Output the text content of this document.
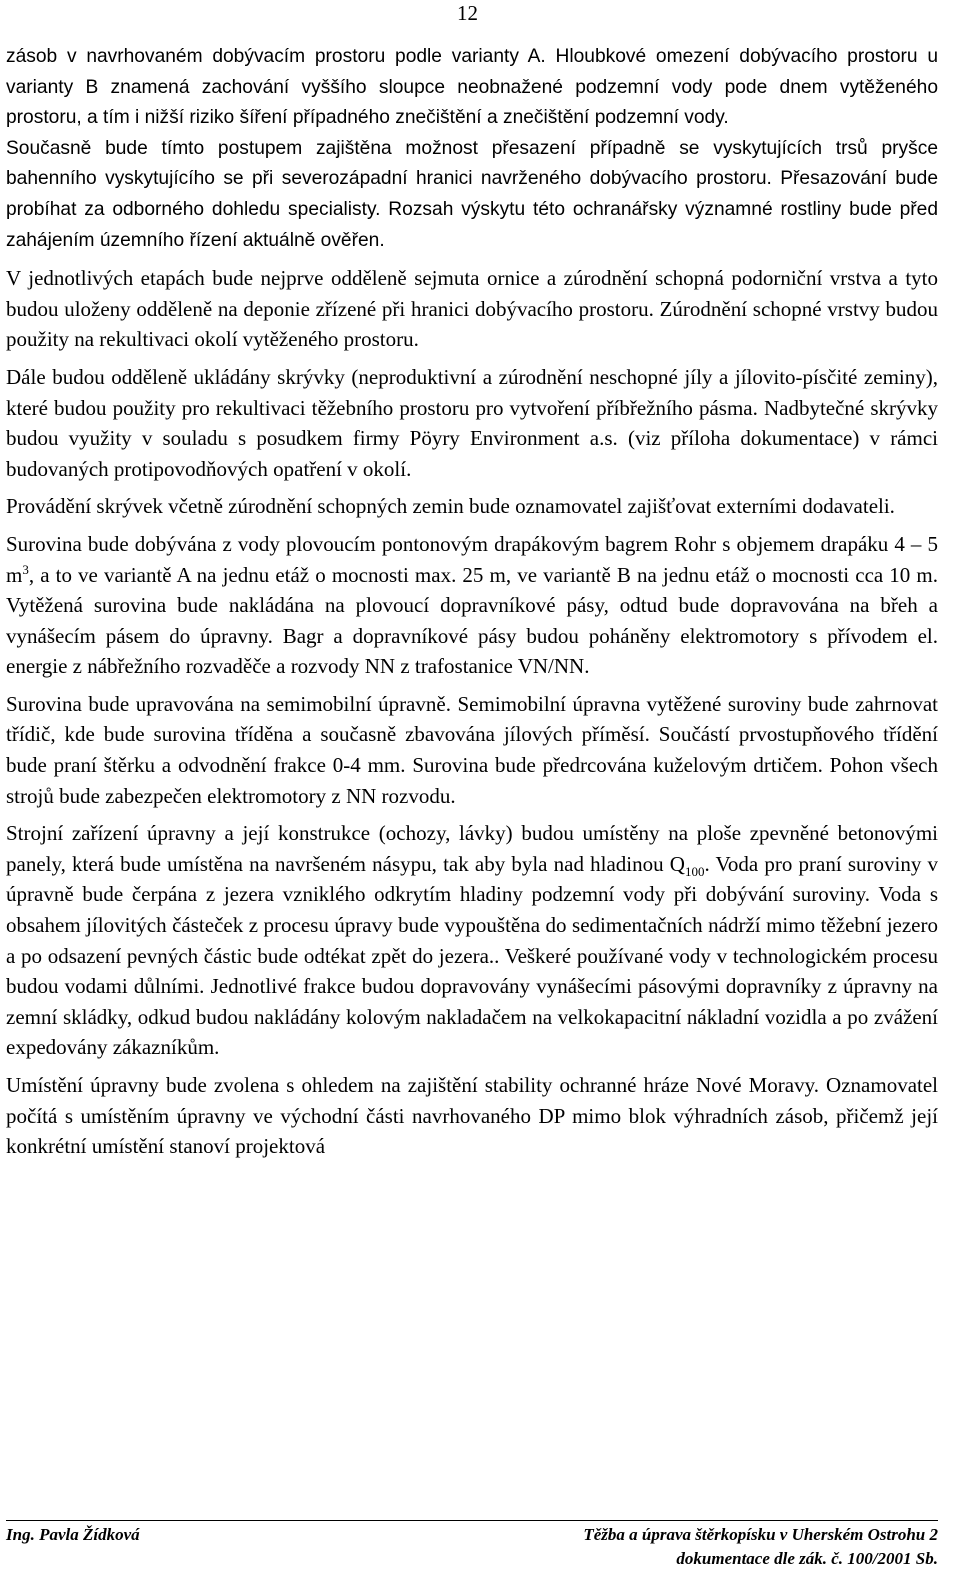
12

zásob v navrhovaném dobývacím prostoru podle varianty A. Hloubkové omezení dobývacího prostoru u varianty B znamená zachování vyššího sloupce neobnažené podzemní vody pode dnem vytěženého prostoru, a tím i nižší riziko šíření případného znečištění a znečištění podzemní vody.

Současně bude tímto postupem zajištěna možnost přesazení případně se vyskytujících trsů pryšce bahenního vyskytujícího se při severozápadní hranici navrženého dobývacího prostoru. Přesazování bude probíhat za odborného dohledu specialisty. Rozsah výskytu této ochranářsky významné rostliny bude před zahájením územního řízení aktuálně ověřen.

V jednotlivých etapách bude nejprve odděleně sejmuta ornice a zúrodnění schopná podorniční vrstva a tyto budou uloženy odděleně na deponie zřízené při hranici dobývacího prostoru. Zúrodnění schopné vrstvy budou použity na rekultivaci okolí vytěženého prostoru.

Dále budou odděleně ukládány skrývky (neproduktivní a zúrodnění neschopné jíly a jílovito-písčité zeminy), které budou použity pro rekultivaci těžebního prostoru pro vytvoření příbřežního pásma. Nadbytečné skrývky budou využity v souladu s posudkem firmy Pöyry Environment a.s. (viz příloha dokumentace) v rámci budovaných protipovodňových opatření v okolí.

Provádění skrývek včetně zúrodnění schopných zemin bude oznamovatel zajišťovat externími dodavateli.

Surovina bude dobývána z vody plovoucím pontonovým drapákovým bagrem Rohr s objemem drapáku 4 – 5 $m^3$, a to ve variantě A na jednu etáž o mocnosti max. 25 m, ve variantě B na jednu etáž o mocnosti cca 10 m. Vytěžená surovina bude nakládána na plovoucí dopravníkové pásy, odtud bude dopravována na břeh a vynášecím pásem do úpravny. Bagr a dopravníkové pásy budou poháněny elektromotory s přívodem el. energie z nábřežního rozvaděče a rozvody NN z trafostanice VN/NN.

Surovina bude upravována na semimobilní úpravně. Semimobilní úpravna vytěžené suroviny bude zahrnovat třídič, kde bude surovina tříděna a současně zbavována jílových příměsí. Součástí prvostupňového třídění bude praní štěrku a odvodnění frakce 0-4 mm. Surovina bude předrcována kuželovým drtičem. Pohon všech strojů bude zabezpečen elektromotory z NN rozvodu.

Strojní zařízení úpravny a její konstrukce (ochozy, lávky) budou umístěny na ploše zpevněné betonovými panely, která bude umístěna na navršeném násypu, tak aby byla nad hladinou $Q_{100}$. Voda pro praní suroviny v úpravně bude čerpána z jezera vzniklého odkrytím hladiny podzemní vody při dobývání suroviny. Voda s obsahem jílovitých částeček z procesu úpravy bude vypouštěna do sedimentačních nádrží mimo těžební jezero a po odsazení pevných částic bude odtékat zpět do jezera.. Veškeré používané vody v technologickém procesu budou vodami důlními. Jednotlivé frakce budou dopravovány vynášecími pásovými dopravníky z úpravny na zemní skládky, odkud budou nakládány kolovým nakladačem na velkokapacitní nákladní vozidla a po zvážení expedovány zákazníkům.

Umístění úpravny bude zvolena s ohledem na zajištění stability ochranné hráze Nové Moravy. Oznamovatel počítá s umístěním úpravny ve východní části navrhovaného DP mimo blok výhradních zásob, přičemž její konkrétní umístění stanoví projektová

Ing. Pavla Žídková	Těžba a úprava štěrkopísku v Uherském Ostrohu 2
dokumentace dle zák. č. 100/2001 Sb.
